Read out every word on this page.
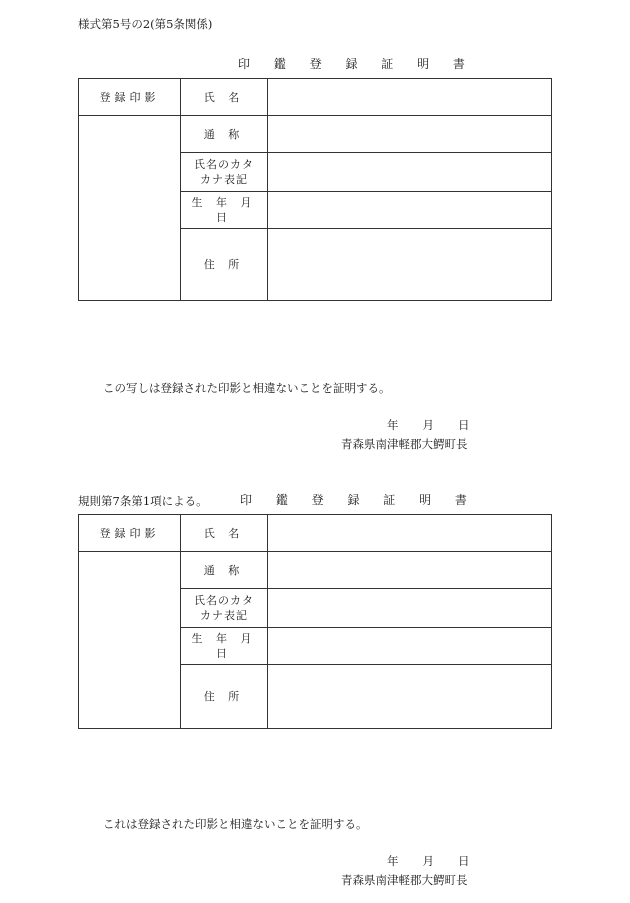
様式第5号の2(第5条関係)
印 鑑 登 録 証 明 書
登録印影	氏 名	
	通 称	
	氏名のカタカナ表記	
	生 年 月 日	
	住 所	
この写しは登録された印影と相違ないことを証明する。
年 月 日
青森県南津軽郡大鰐町長
規則第7条第1項による。	印 鑑 登 録 証 明 書
登録印影	氏 名	
	通 称	
	氏名のカタカナ表記	
	生 年 月 日	
	住 所	
これは登録された印影と相違ないことを証明する。
年 月 日
青森県南津軽郡大鰐町長
